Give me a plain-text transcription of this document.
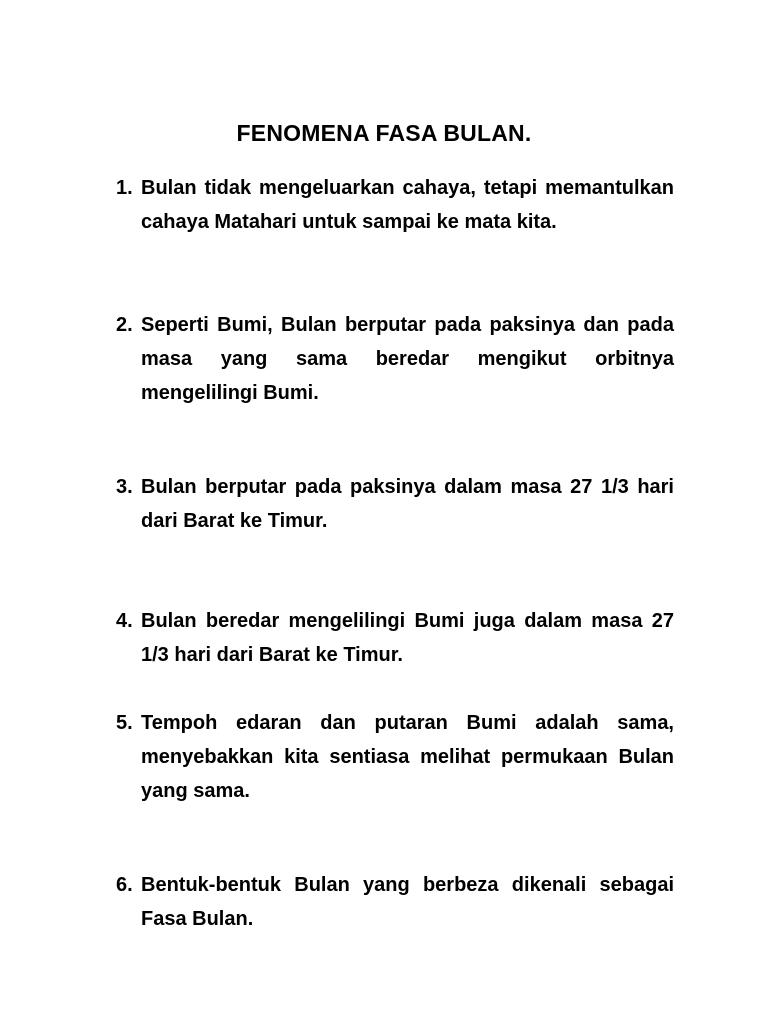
FENOMENA FASA BULAN.
1. Bulan tidak mengeluarkan cahaya, tetapi memantulkan cahaya Matahari untuk sampai ke mata kita.
2. Seperti Bumi, Bulan berputar pada paksinya dan pada masa yang sama beredar mengikut orbitnya mengelilingi Bumi.
3. Bulan berputar pada paksinya dalam masa 27 1/3 hari dari Barat ke Timur.
4. Bulan beredar mengelilingi Bumi juga dalam masa 27 1/3 hari dari Barat ke Timur.
5. Tempoh edaran dan putaran Bumi adalah sama, menyebakkan kita sentiasa melihat permukaan Bulan yang sama.
6. Bentuk-bentuk Bulan yang berbeza dikenali sebagai Fasa Bulan.
